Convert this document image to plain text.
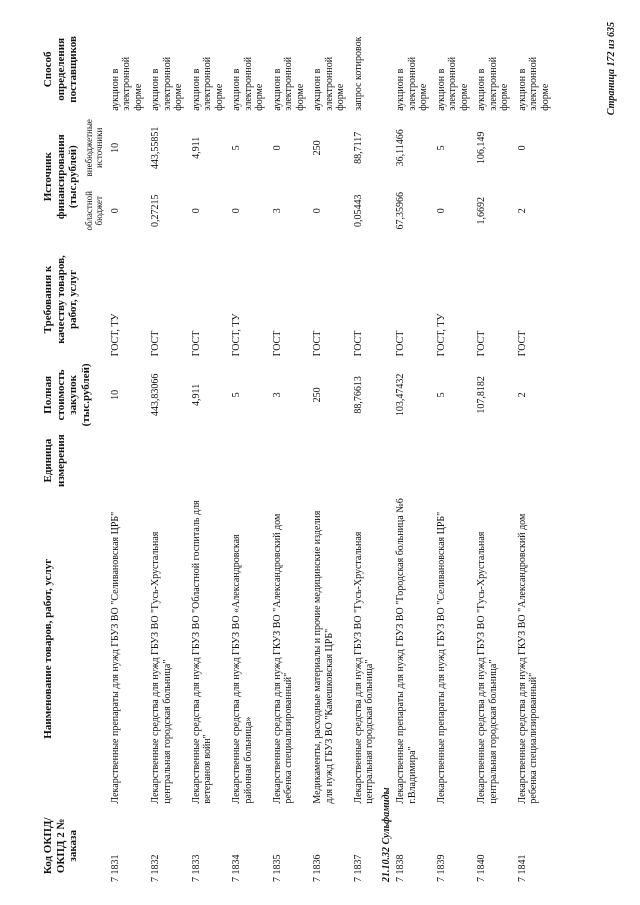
Код ОКПД/ ОКПД 2 № заказа	Наименование товаров, работ, услуг	Единица измерения	Полная стоимость закупок (тыс.рублей)	Требования к качеству товаров, работ, услуг	Источник финансирования (тыс.рублей)		Способ определения поставщиков
					областной бюджет	внебюджетные источники	
7 1831	Лекарственные препараты для нужд ГБУЗ ВО "Селивановская ЦРБ"		10	ГОСТ, ТУ	0	10	аукцион в электронной форме
7 1832	Лекарственные средства для нужд ГБУЗ ВО "Гусь-Хрустальная центральная городская больница"		443,83066	ГОСТ	0,27215	443,55851	аукцион в электронной форме
7 1833	Лекарственные средства для нужд ГБУЗ ВО "Областной госпиталь для ветеранов войн"		4,911	ГОСТ	0	4,911	аукцион в электронной форме
7 1834	Лекарственные средства для нужд ГБУЗ ВО «Александровская районная больница»		5	ГОСТ, ТУ	0	5	аукцион в электронной форме
7 1835	Лекарственные средства для нужд ГКУЗ ВО "Александровский дом ребенка специализированный"		3	ГОСТ	3	0	аукцион в электронной форме
7 1836	Медикаменты, расходные материалы и прочие медицинские изделия для нужд ГБУЗ ВО "Камешковская ЦРБ"		250	ГОСТ	0	250	аукцион в электронной форме
7 1837	Лекарственные средства для нужд ГБУЗ ВО "Гусь-Хрустальная центральная городская больница"		88,76613	ГОСТ	0,05443	88,7117	запрос котировок
21.10.32 Сульфамиды							
7 1838	Лекарственные препараты для нужд ГБУЗ ВО "Городская больница №6 г.Владимира"		103,47432	ГОСТ	67,35966	36,11466	аукцион в электронной форме
7 1839	Лекарственные препараты для нужд ГБУЗ ВО "Селивановская ЦРБ"		5	ГОСТ, ТУ	0	5	аукцион в электронной форме
7 1840	Лекарственные средства для нужд ГБУЗ ВО "Гусь-Хрустальная центральная городская больница"		107,8182	ГОСТ	1,6692	106,149	аукцион в электронной форме
7 1841	Лекарственные средства для нужд ГКУЗ ВО "Александровский дом ребенка специализированный"		2	ГОСТ	2	0	аукцион в электронной форме	Страница 172 из 635
